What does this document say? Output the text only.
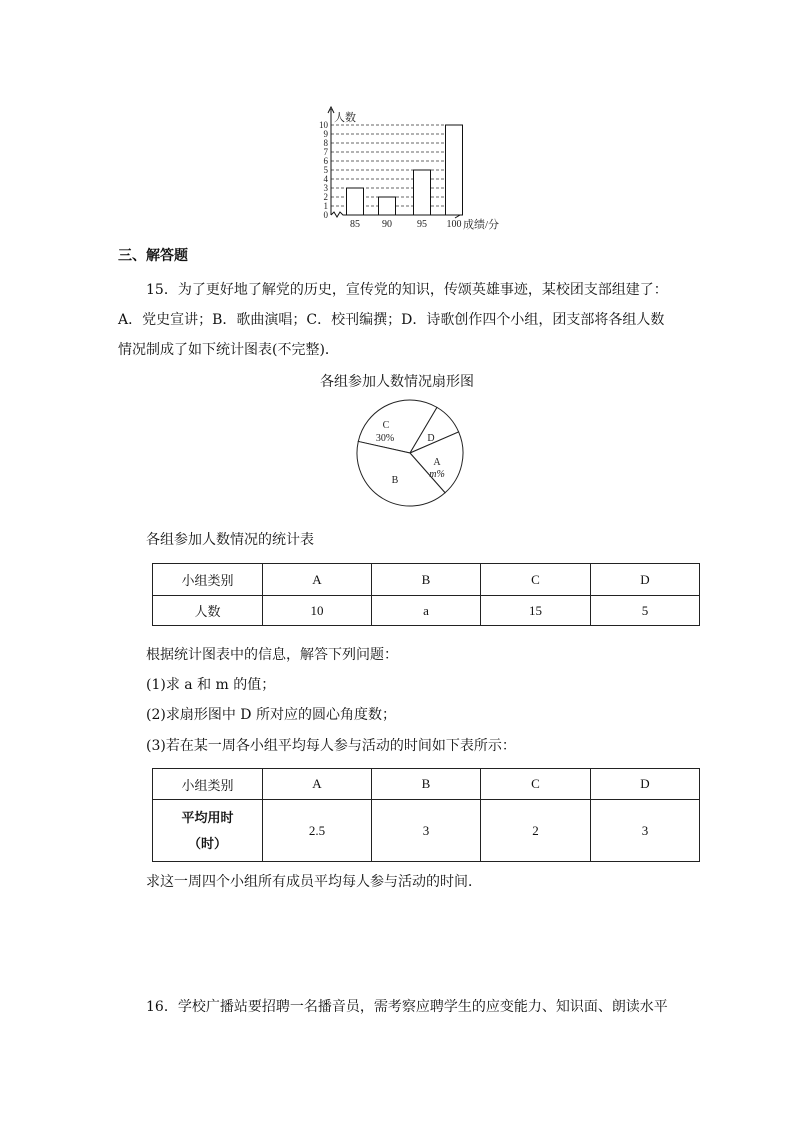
0
1
2
3
4
5
6
7
8
9
10
85 90	95 100
人数
成绩/分
三、解答题
15．为了更好地了解党的历史，宣传党的知识，传颂英雄事迹，某校团支部组建了：
A．党史宣讲；B．歌曲演唱；C．校刊编撰；D．诗歌创作四个小组，团支部将各组人数
情况制成了如下统计图表(不完整)．
各组参加人数情况扇形图
C
30%	D
A
m%
B
各组参加人数情况的统计表
小组类别	A	B	C	D
人数	10	a	15	5
根据统计图表中的信息，解答下列问题：
(1)求 a 和 m 的值；
(2)求扇形图中 D 所对应的圆心角度数；
(3)若在某一周各小组平均每人参与活动的时间如下表所示：
小组类别	A	B	C	D

平均用时
（时）	2.5	3	2	3
求这一周四个小组所有成员平均每人参与活动的时间．
16．学校广播站要招聘一名播音员，需考察应聘学生的应变能力、知识面、朗读水平
